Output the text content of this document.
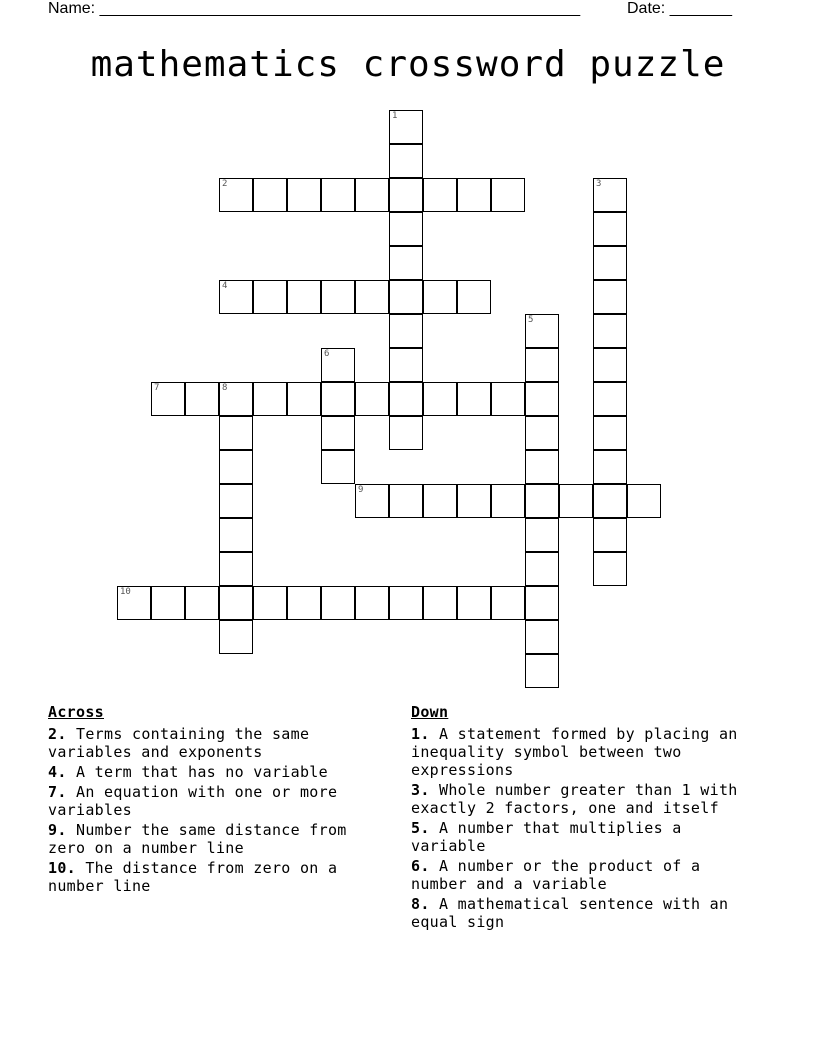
Name: ______________________________________________________	Date: _______
mathematics crossword puzzle
1
2	3
4
5
6
7	8
9
10
Across
2. Terms containing the same variables and exponents
4. A term that has no variable
7. An equation with one or more variables
9. Number the same distance from zero on a number line
10. The distance from zero on a number line
Down
1. A statement formed by placing an inequality symbol between two expressions
3. Whole number greater than 1 with exactly 2 factors, one and itself
5. A number that multiplies a variable
6. A number or the product of a number and a variable
8. A mathematical sentence with an equal sign
